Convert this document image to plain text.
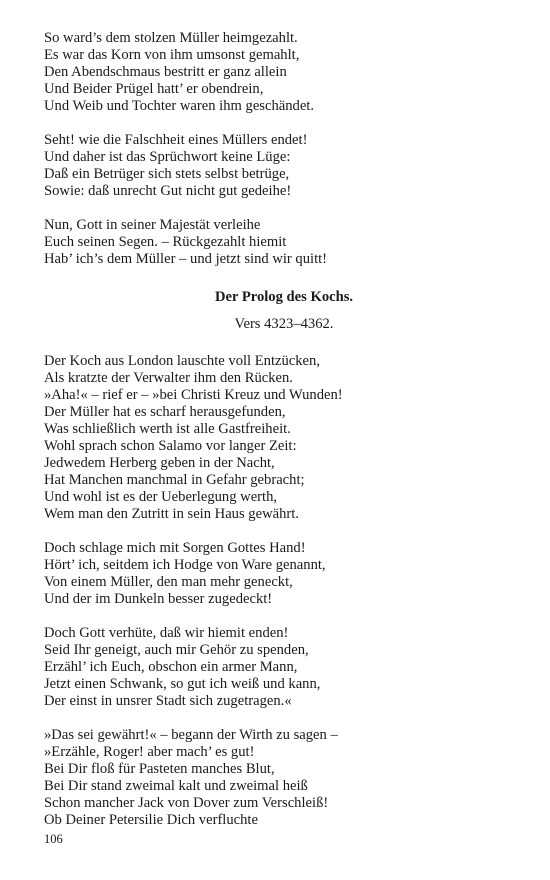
So ward’s dem stolzen Müller heimgezahlt.
Es war das Korn von ihm umsonst gemahlt,
Den Abendschmaus bestritt er ganz allein
Und Beider Prügel hatt’ er obendrein,
Und Weib und Tochter waren ihm geschändet.
Seht! wie die Falschheit eines Müllers endet!
Und daher ist das Sprüchwort keine Lüge:
Daß ein Betrüger sich stets selbst betrüge,
Sowie: daß unrecht Gut nicht gut gedeihe!
Nun, Gott in seiner Majestät verleihe
Euch seinen Segen. – Rückgezahlt hiemit
Hab’ ich’s dem Müller – und jetzt sind wir quitt!
Der Prolog des Kochs.
Vers 4323–4362.
Der Koch aus London lauschte voll Entzücken,
Als kratzte der Verwalter ihm den Rücken.
»Aha!« – rief er – »bei Christi Kreuz und Wunden!
Der Müller hat es scharf herausgefunden,
Was schließlich werth ist alle Gastfreiheit.
Wohl sprach schon Salamo vor langer Zeit:
Jedwedem Herberg geben in der Nacht,
Hat Manchen manchmal in Gefahr gebracht;
Und wohl ist es der Ueberlegung werth,
Wem man den Zutritt in sein Haus gewährt.
Doch schlage mich mit Sorgen Gottes Hand!
Hört’ ich, seitdem ich Hodge von Ware genannt,
Von einem Müller, den man mehr geneckt,
Und der im Dunkeln besser zugedeckt!
Doch Gott verhüte, daß wir hiemit enden!
Seid Ihr geneigt, auch mir Gehör zu spenden,
Erzähl’ ich Euch, obschon ein armer Mann,
Jetzt einen Schwank, so gut ich weiß und kann,
Der einst in unsrer Stadt sich zugetragen.«
»Das sei gewährt!« – begann der Wirth zu sagen –
»Erzähle, Roger! aber mach’ es gut!
Bei Dir floß für Pasteten manches Blut,
Bei Dir stand zweimal kalt und zweimal heiß
Schon mancher Jack von Dover zum Verschleiß!
Ob Deiner Petersilie Dich verfluchte
106
